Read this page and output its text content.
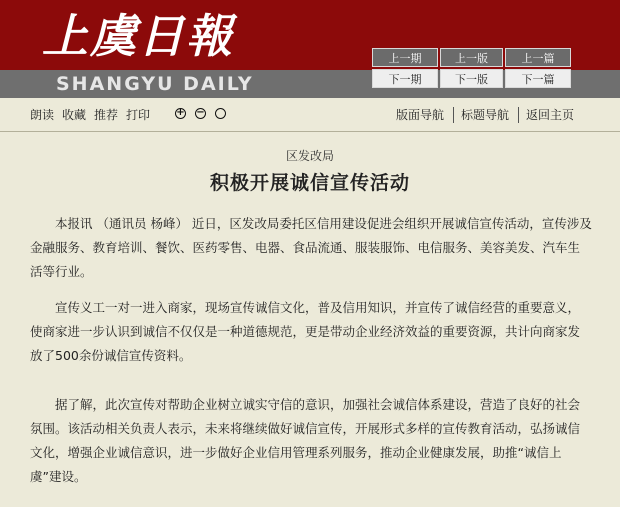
上虞日報
SHANGYU DAILY
上一期	上一版	上一篇
下一期	下一版	下一篇
朗读 收藏 推荐 打印	+ −	版面导航 标题导航 返回主页
区发改局
积极开展诚信宣传活动

本报讯 （通讯员 杨峰） 近日，区发改局委托区信用建设促进会组织开展诚信宣传活动，宣传涉及金融服务、教育培训、餐饮、医药零售、电器、食品流通、服装服饰、电信服务、美容美发、汽车生活等行业。

宣传义工一对一进入商家，现场宣传诚信文化，普及信用知识，并宣传了诚信经营的重要意义，使商家进一步认识到诚信不仅仅是一种道德规范，更是带动企业经济效益的重要资源，共计向商家发放了500余份诚信宣传资料。

据了解，此次宣传对帮助企业树立诚实守信的意识，加强社会诚信体系建设，营造了良好的社会氛围。该活动相关负责人表示，未来将继续做好诚信宣传，开展形式多样的宣传教育活动，弘扬诚信文化，增强企业诚信意识，进一步做好企业信用管理系列服务，推动企业健康发展，助推“诚信上虞”建设。
